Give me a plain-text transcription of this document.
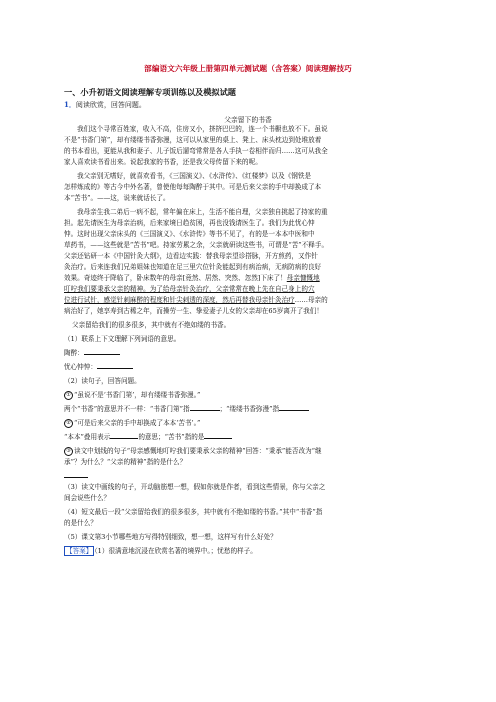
部编语文六年级上册第四单元测试题（含答案）阅读理解技巧
一、小升初语文阅读理解专项训练以及模拟试题
1．阅读欣赏，回答问题。
父亲留下的书香
我们这个寻常百姓家，收入不高，住房又小，挤挤巴巴的，连一个书橱也放不下。虽说
不是“书香门第”，却有缕缕书香弥漫，这可以从家里的桌上、凳上、床头枕边到处堆放着
的书本看出，更能从我和妻子、儿子饭后遛弯常常是各人手执一卷相伴而归……这可从我全
家人喜欢读书看出来。说起我家的书香，还是我父母传留下来的呢。
我父亲别无嗜好，就喜欢看书，《三国演义》、《水浒传》、《红楼梦》以及《钢铁是
怎样炼成的》等古今中外名著，曾使他每每陶醉于其中。可是后来父亲的手中却换成了本
本“苦书”。——这，说来就话长了。
我母亲生我二弟后一病不起，常年偏在床上，生活不能自理，父亲独自挑起了持家的重
担。起先请医生为母亲治病，后来家境日趋贫困，再也没钱请医生了。我们为此忧心忡
忡。这时出现父亲床头的《三国演义》、《水浒传》等书不见了，有的是一本本中医和中
草药书，——这些就是“苦书”吧。持家劳累之余，父亲就研读这些书，可谓是“苦”不释手。
父亲还钻研一本《中国针灸大纲》，边看边实践：替我母亲望诊搭脉，开方煎药，又作针
灸治疗。后来连我们兄弟姐妹也知道在足三里穴位针灸能起到有病治病，无病防病的良好
效果。奇迹终于降临了，卧床数年的母亲[竟然、居然、突然、忽然]下床了！母亲慷慨地
叮咛我们要秉承父亲的精神。为了给母亲针灸治疗，父亲常常在晚上先在自己身上的穴
位进行试针，感觉针刺麻醉的程度和针尖刺透的深度，然后再替我母亲针灸治疗……母亲的
病治好了，她享寿到古稀之年，而操劳一生、挚爱妻子儿女的父亲却在65岁离开了我们！
父亲留给我们的很多很多，其中就有不绝如缕的书香。
（1）联系上下文理解下列词语的意思。
陶醉：
忧心忡忡：
（2）读句子，回答问题。
① “虽说不是‘书香门第’，却有缕缕书香弥漫。”
两个“书香”的意思并不一样：“书香门第”指	；“缕缕书香弥漫”指
② “可是后来父亲的手中却换成了本本‘苦书’。”
“本本”叠用表示	的意思；“苦书”指的是
③ 读文中划线的句子“母亲感慨地叮咛我们要秉承父亲的精神”回答：“秉承”能否改为“继
承”？为什么？“父亲的精神”指的是什么？
（3）读文中画线的句子，开动脑筋想一想，假如你就是作者，看到这些情景，你与父亲之
间会说些什么？
（4）短文最后一段“父亲留给我们的很多很多，其中就有不绝如缕的书香。”其中“书香”指
的是什么？
（5）课文第3小节哪些地方写得特别细致，想一想，这样写有什么好处？
【答案】 （1）很满意地沉浸在欣赏名著的境界中。；忧愁的样子。
